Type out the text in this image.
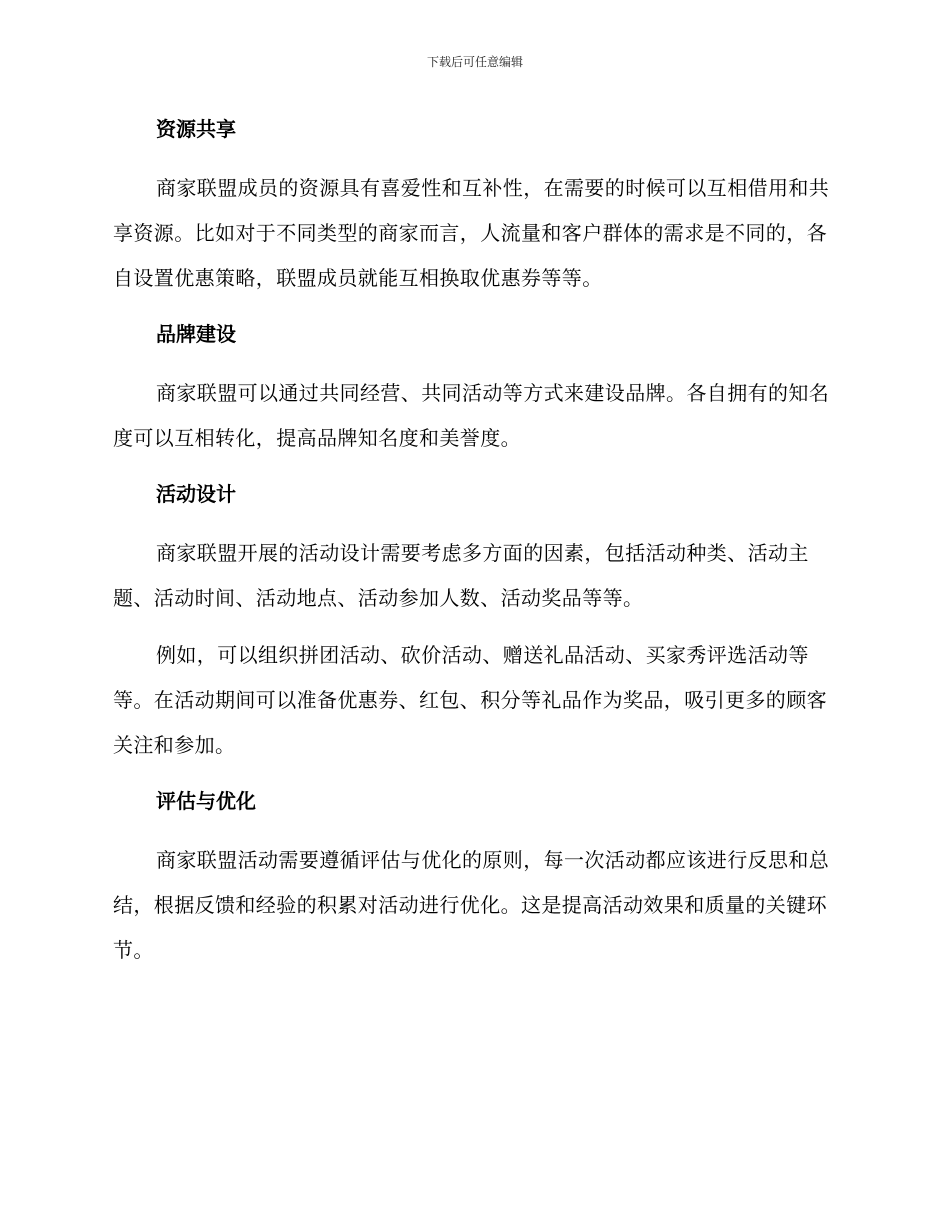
下载后可任意编辑
资源共享

商家联盟成员的资源具有喜爱性和互补性，在需要的时候可以互相借用和共享资源。比如对于不同类型的商家而言，人流量和客户群体的需求是不同的，各自设置优惠策略，联盟成员就能互相换取优惠券等等。

品牌建设

商家联盟可以通过共同经营、共同活动等方式来建设品牌。各自拥有的知名度可以互相转化，提高品牌知名度和美誉度。

活动设计

商家联盟开展的活动设计需要考虑多方面的因素，包括活动种类、活动主题、活动时间、活动地点、活动参加人数、活动奖品等等。

例如，可以组织拼团活动、砍价活动、赠送礼品活动、买家秀评选活动等等。在活动期间可以准备优惠券、红包、积分等礼品作为奖品，吸引更多的顾客关注和参加。

评估与优化

商家联盟活动需要遵循评估与优化的原则，每一次活动都应该进行反思和总结，根据反馈和经验的积累对活动进行优化。这是提高活动效果和质量的关键环节。
